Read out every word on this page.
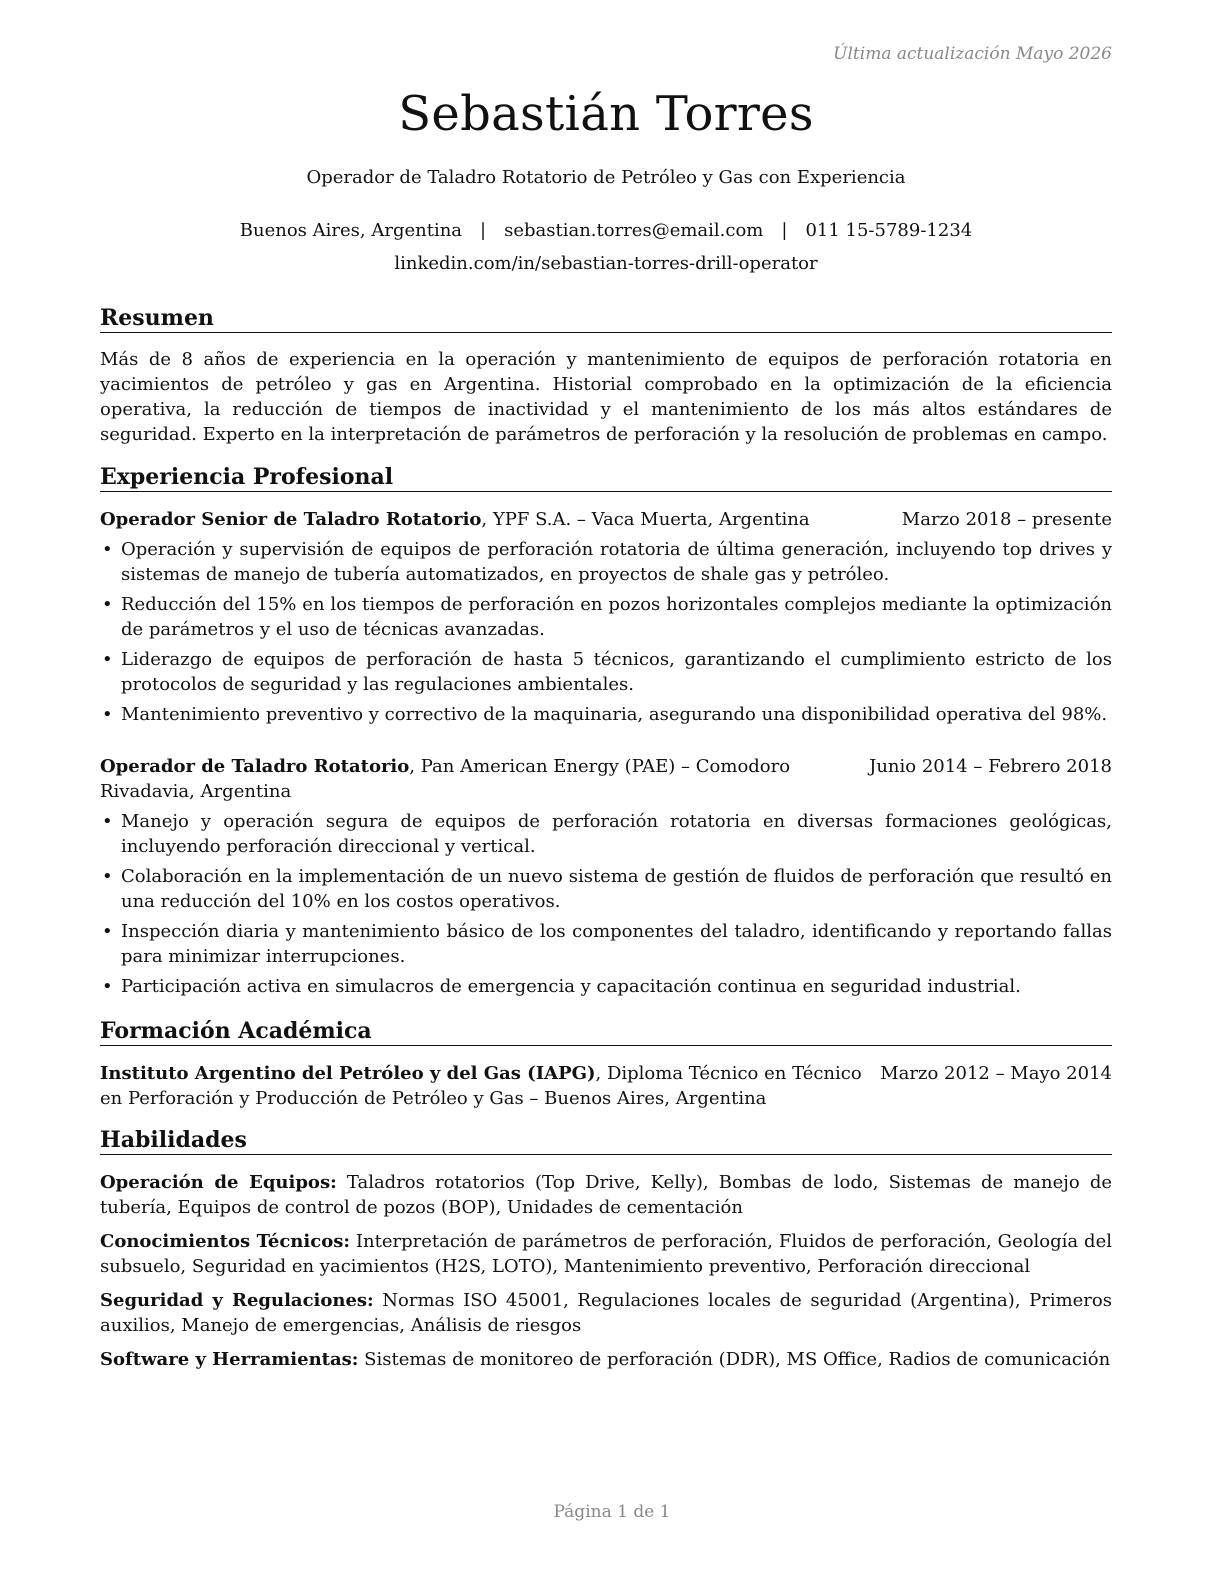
Última actualización Mayo 2026
Sebastián Torres
Operador de Taladro Rotatorio de Petróleo y Gas con Experiencia
Buenos Aires, Argentina | sebastian.torres@email.com | 011 15-5789-1234
linkedin.com/in/sebastian-torres-drill-operator
Resumen
Más de 8 años de experiencia en la operación y mantenimiento de equipos de perforación rotatoria en yacimientos de petróleo y gas en Argentina. Historial comprobado en la optimización de la eficiencia operativa, la reducción de tiempos de inactividad y el mantenimiento de los más altos estándares de seguridad. Experto en la interpretación de parámetros de perforación y la resolución de problemas en campo.
Experiencia Profesional
Operador Senior de Taladro Rotatorio, YPF S.A. – Vaca Muerta, Argentina	Marzo 2018 – presente
• Operación y supervisión de equipos de perforación rotatoria de última generación, incluyendo top drives y sistemas de manejo de tubería automatizados, en proyectos de shale gas y petróleo.
• Reducción del 15% en los tiempos de perforación en pozos horizontales complejos mediante la optimización de parámetros y el uso de técnicas avanzadas.
• Liderazgo de equipos de perforación de hasta 5 técnicos, garantizando el cumplimiento estricto de los protocolos de seguridad y las regulaciones ambientales.
• Mantenimiento preventivo y correctivo de la maquinaria, asegurando una disponibilidad operativa del 98%.
Operador de Taladro Rotatorio, Pan American Energy (PAE) – Comodoro Rivadavia, Argentina
Junio 2014 – Febrero 2018
• Manejo y operación segura de equipos de perforación rotatoria en diversas formaciones geológicas, incluyendo perforación direccional y vertical.
• Colaboración en la implementación de un nuevo sistema de gestión de fluidos de perforación que resultó en una reducción del 10% en los costos operativos.
• Inspección diaria y mantenimiento básico de los componentes del taladro, identificando y reportando fallas para minimizar interrupciones.
• Participación activa en simulacros de emergencia y capacitación continua en seguridad industrial.
Formación Académica
Instituto Argentino del Petróleo y del Gas (IAPG), Diploma Técnico en Técnico en Perforación y Producción de Petróleo y Gas – Buenos Aires, Argentina
Marzo 2012 – Mayo 2014
Habilidades
Operación de Equipos: Taladros rotatorios (Top Drive, Kelly), Bombas de lodo, Sistemas de manejo de tubería, Equipos de control de pozos (BOP), Unidades de cementación
Conocimientos Técnicos: Interpretación de parámetros de perforación, Fluidos de perforación, Geología del subsuelo, Seguridad en yacimientos (H2S, LOTO), Mantenimiento preventivo, Perforación direccional
Seguridad y Regulaciones: Normas ISO 45001, Regulaciones locales de seguridad (Argentina), Primeros auxilios, Manejo de emergencias, Análisis de riesgos
Software y Herramientas: Sistemas de monitoreo de perforación (DDR), MS Office, Radios de comunicación
Página 1 de 1
